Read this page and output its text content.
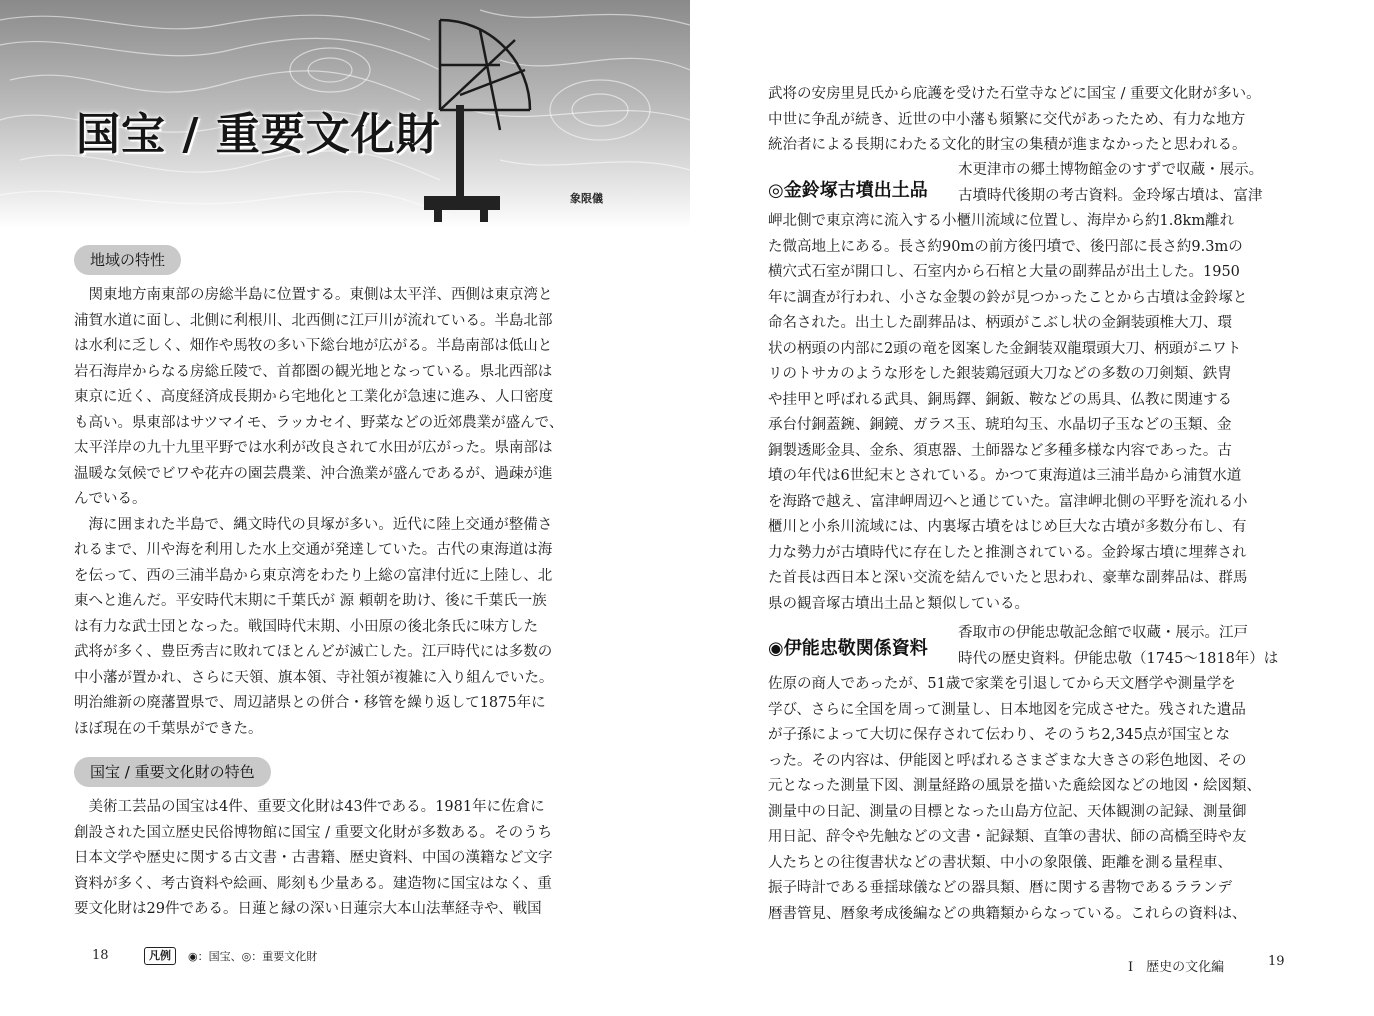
国宝 / 重要文化財
象限儀
地域の特性
関東地方南東部の房総半島に位置する。東側は太平洋、西側は東京湾と
浦賀水道に面し、北側に利根川、北西側に江戸川が流れている。半島北部
は水利に乏しく、畑作や馬牧の多い下総台地が広がる。半島南部は低山と
岩石海岸からなる房総丘陵で、首都圏の観光地となっている。県北西部は
東京に近く、高度経済成長期から宅地化と工業化が急速に進み、人口密度
も高い。県東部はサツマイモ、ラッカセイ、野菜などの近郊農業が盛んで、
太平洋岸の九十九里平野では水利が改良されて水田が広がった。県南部は
温暖な気候でビワや花卉の園芸農業、沖合漁業が盛んであるが、過疎が進
んでいる。
海に囲まれた半島で、縄文時代の貝塚が多い。近代に陸上交通が整備さ
れるまで、川や海を利用した水上交通が発達していた。古代の東海道は海
を伝って、西の三浦半島から東京湾をわたり上総の富津付近に上陸し、北
東へと進んだ。平安時代末期に千葉氏が 源 頼朝を助け、後に千葉氏一族
は有力な武士団となった。戦国時代末期、小田原の後北条氏に味方した
武将が多く、豊臣秀吉に敗れてほとんどが滅亡した。江戸時代には多数の
中小藩が置かれ、さらに天領、旗本領、寺社領が複雑に入り組んでいた。
明治維新の廃藩置県で、周辺諸県との併合・移管を繰り返して1875年に
ほぼ現在の千葉県ができた。
国宝 / 重要文化財の特色
美術工芸品の国宝は4件、重要文化財は43件である。1981年に佐倉に
創設された国立歴史民俗博物館に国宝 / 重要文化財が多数ある。そのうち
日本文学や歴史に関する古文書・古書籍、歴史資料、中国の漢籍など文字
資料が多く、考古資料や絵画、彫刻も少量ある。建造物に国宝はなく、重
要文化財は29件である。日蓮と縁の深い日蓮宗大本山法華経寺や、戦国
18	凡例	◉：国宝、◎：重要文化財
武将の安房里見氏から庇護を受けた石堂寺などに国宝 / 重要文化財が多い。
中世に争乱が続き、近世の中小藩も頻繁に交代があったため、有力な地方
統治者による長期にわたる文化的財宝の集積が進まなかったと思われる。
◎金鈴塚古墳出土品
木更津市の郷土博物館金のすずで収蔵・展示。
古墳時代後期の考古資料。金玲塚古墳は、富津
岬北側で東京湾に流入する小櫃川流域に位置し、海岸から約1.8km離れ
た微高地上にある。長さ約90mの前方後円墳で、後円部に長さ約9.3mの
横穴式石室が開口し、石室内から石棺と大量の副葬品が出土した。1950
年に調査が行われ、小さな金製の鈴が見つかったことから古墳は金鈴塚と
命名された。出土した副葬品は、柄頭がこぶし状の金銅装頭椎大刀、環
状の柄頭の内部に2頭の竜を図案した金銅装双龍環頭大刀、柄頭がニワト
リのトサカのような形をした銀装鶏冠頭大刀などの多数の刀剣類、鉄冑
や挂甲と呼ばれる武具、銅馬鐸、銅鈑、鞍などの馬具、仏教に関連する
承台付銅蓋鋺、銅鏡、ガラス玉、琥珀勾玉、水晶切子玉などの玉類、金
銅製透彫金具、金糸、須恵器、土師器など多種多様な内容であった。古
墳の年代は6世紀末とされている。かつて東海道は三浦半島から浦賀水道
を海路で越え、富津岬周辺へと通じていた。富津岬北側の平野を流れる小
櫃川と小糸川流域には、内裏塚古墳をはじめ巨大な古墳が多数分布し、有
力な勢力が古墳時代に存在したと推測されている。金鈴塚古墳に埋葬され
た首長は西日本と深い交流を結んでいたと思われ、豪華な副葬品は、群馬
県の観音塚古墳出土品と類似している。
◉伊能忠敬関係資料
香取市の伊能忠敬記念館で収蔵・展示。江戸
時代の歴史資料。伊能忠敬（1745～1818年）は
佐原の商人であったが、51歳で家業を引退してから天文暦学や測量学を
学び、さらに全国を周って測量し、日本地図を完成させた。残された遺品
が子孫によって大切に保存されて伝わり、そのうち2,345点が国宝とな
った。その内容は、伊能図と呼ばれるさまざまな大きさの彩色地図、その
元となった測量下図、測量経路の風景を描いた麁絵図などの地図・絵図類、
測量中の日記、測量の目標となった山島方位記、天体観測の記録、測量御
用日記、辞令や先触などの文書・記録類、直筆の書状、師の高橋至時や友
人たちとの往復書状などの書状類、中小の象限儀、距離を測る量程車、
振子時計である垂揺球儀などの器具類、暦に関する書物であるラランデ
暦書管見、暦象考成後編などの典籍類からなっている。これらの資料は、
Ⅰ　歴史の文化編	19
